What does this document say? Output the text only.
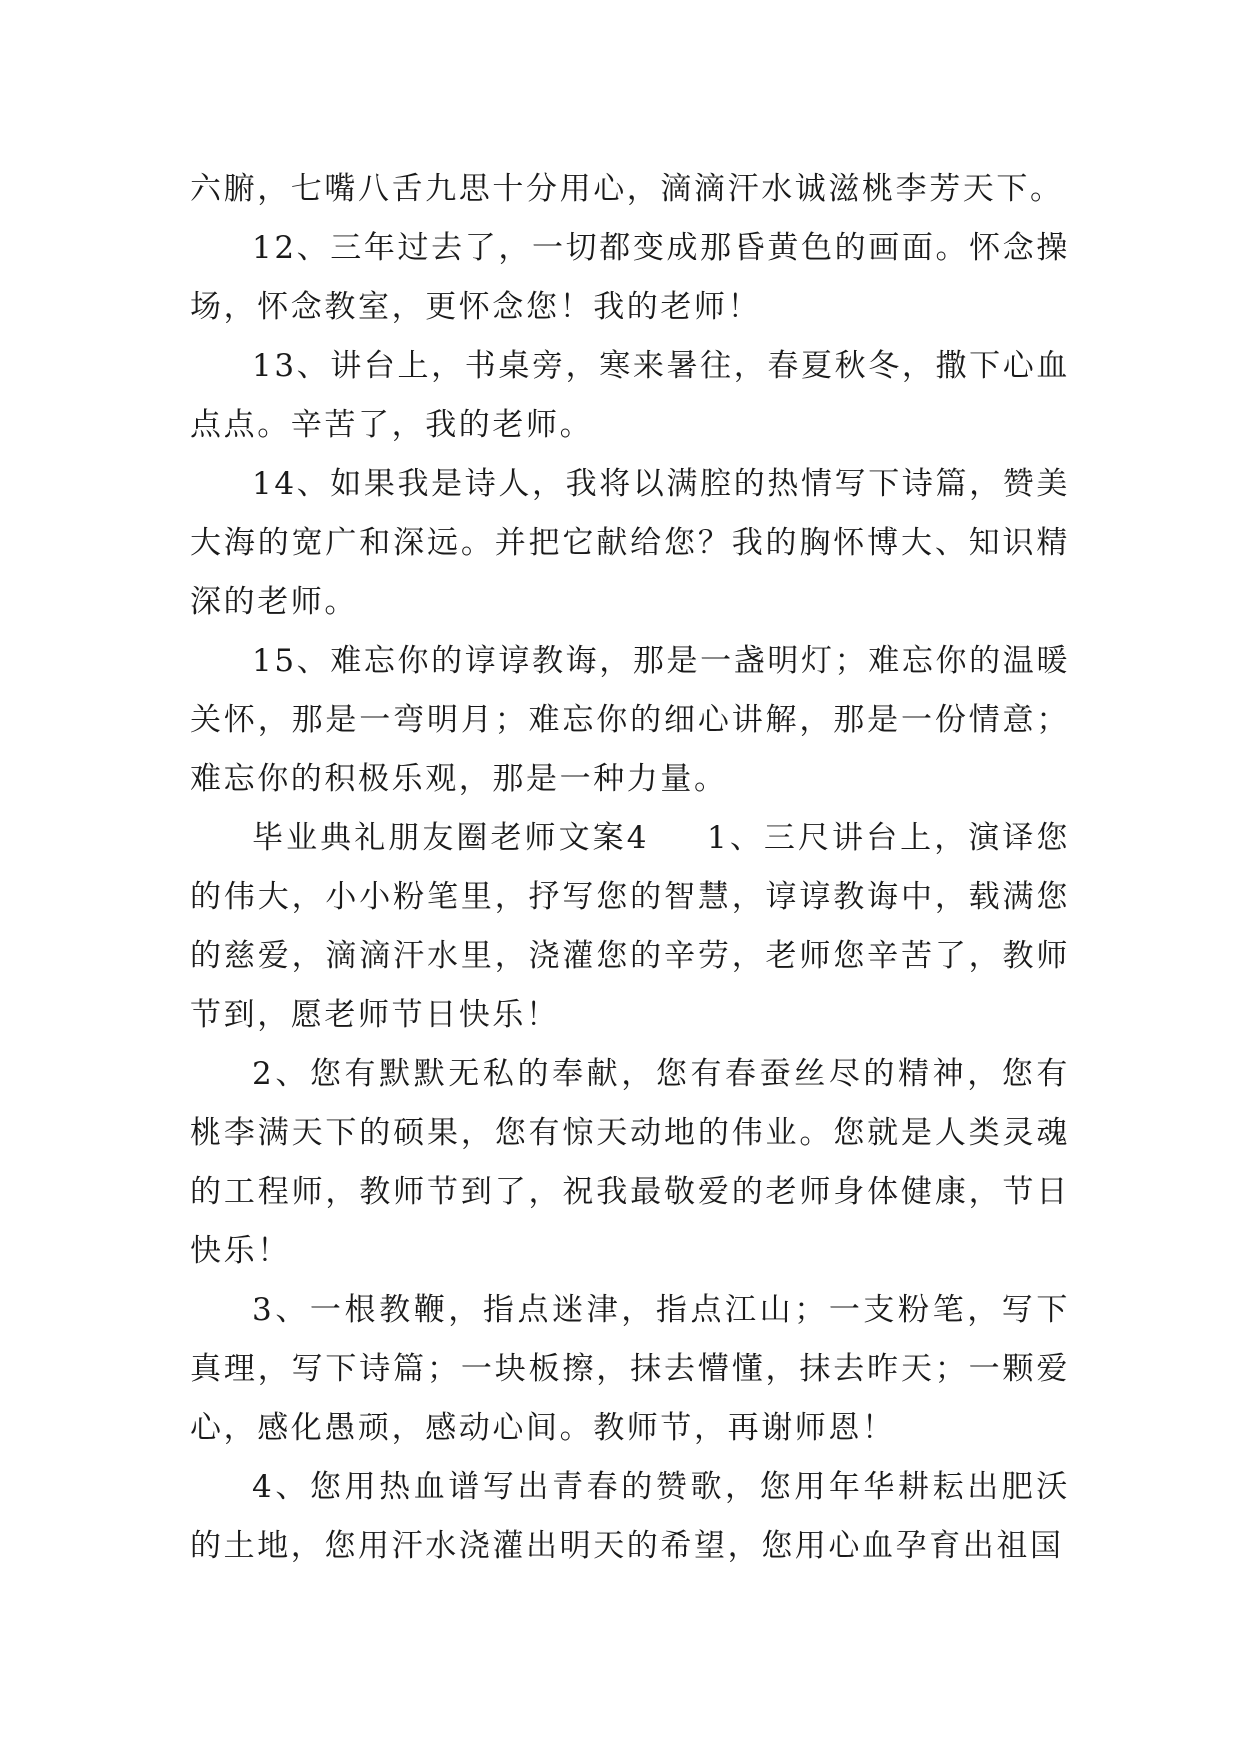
六腑，七嘴八舌九思十分用心，滴滴汗水诚滋桃李芳天下。

12、三年过去了，一切都变成那昏黄色的画面。怀念操场，怀念教室，更怀念您！我的老师！

13、讲台上，书桌旁，寒来暑往，春夏秋冬，撒下心血点点。辛苦了，我的老师。

14、如果我是诗人，我将以满腔的热情写下诗篇，赞美大海的宽广和深远。并把它献给您？我的胸怀博大、知识精深的老师。

15、难忘你的谆谆教诲，那是一盏明灯；难忘你的温暖关怀，那是一弯明月；难忘你的细心讲解，那是一份情意；难忘你的积极乐观，那是一种力量。

毕业典礼朋友圈老师文案4 1、三尺讲台上，演译您的伟大，小小粉笔里，抒写您的智慧，谆谆教诲中，载满您的慈爱，滴滴汗水里，浇灌您的辛劳，老师您辛苦了，教师节到，愿老师节日快乐！

2、您有默默无私的奉献，您有春蚕丝尽的精神，您有桃李满天下的硕果，您有惊天动地的伟业。您就是人类灵魂的工程师，教师节到了，祝我最敬爱的老师身体健康，节日快乐！

3、一根教鞭，指点迷津，指点江山；一支粉笔，写下真理，写下诗篇；一块板擦，抹去懵懂，抹去昨天；一颗爱心，感化愚顽，感动心间。教师节，再谢师恩！

4、您用热血谱写出青春的赞歌，您用年华耕耘出肥沃的土地，您用汗水浇灌出明天的希望，您用心血孕育出祖国
